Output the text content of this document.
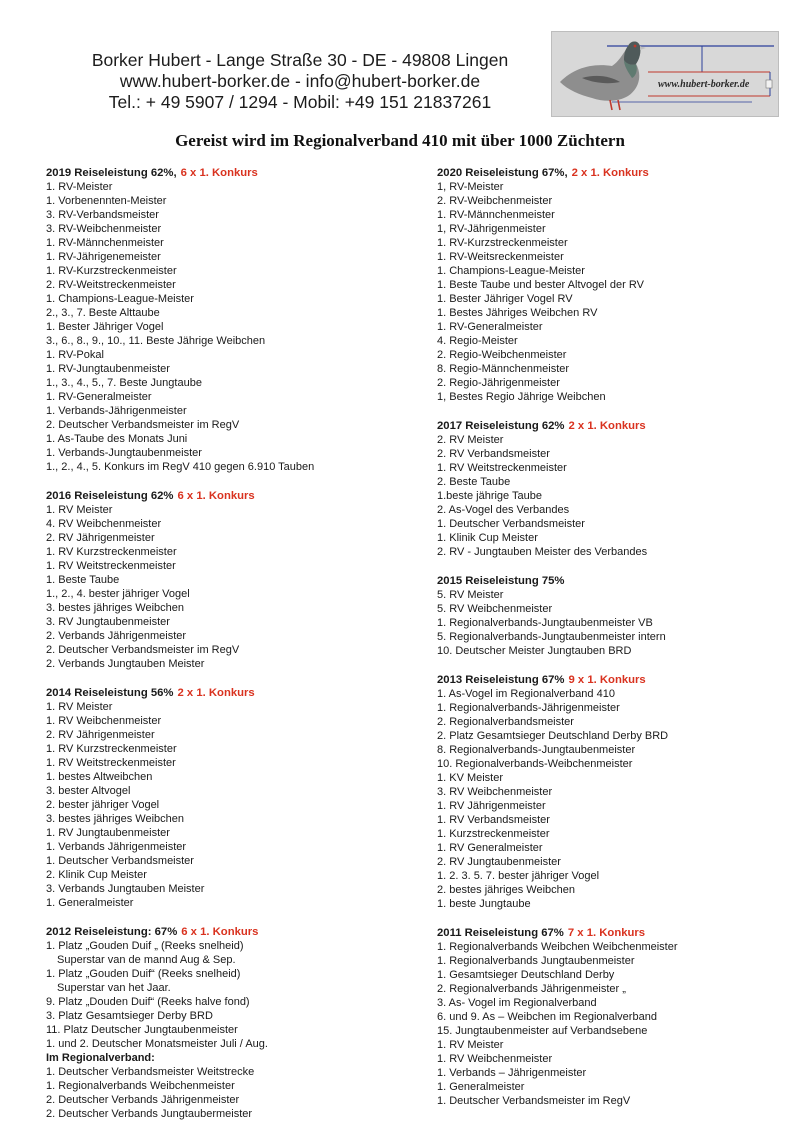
Borker Hubert - Lange Straße 30 - DE - 49808 Lingen
www.hubert-borker.de - info@hubert-borker.de
Tel.: + 49 5907 / 1294 - Mobil: +49 151 21837261
www.hubert-borker.de
Gereist wird im Regionalverband 410 mit über 1000 Züchtern
2019 Reiseleistung 62%, 6 x 1. Konkurs
1. RV-Meister
1. Vorbenennten-Meister
3. RV-Verbandsmeister
3. RV-Weibchenmeister
1. RV-Männchenmeister
1. RV-Jährigenemeister
1. RV-Kurzstreckenmeister
2. RV-Weitstreckenmeister
1. Champions-League-Meister
2., 3., 7. Beste Alttaube
1. Bester Jähriger Vogel
3., 6., 8., 9., 10., 11. Beste Jährige Weibchen
1. RV-Pokal
1. RV-Jungtaubenmeister
1., 3., 4., 5., 7. Beste Jungtaube
1. RV-Generalmeister
1. Verbands-Jährigenmeister
2. Deutscher Verbandsmeister im RegV
1. As-Taube des Monats Juni
1. Verbands-Jungtaubenmeister
1., 2., 4., 5. Konkurs im RegV 410 gegen 6.910 Tauben
2016 Reiseleistung 62% 6 x 1. Konkurs
1. RV Meister
4. RV Weibchenmeister
2. RV Jährigenmeister
1. RV Kurzstreckenmeister
1. RV Weitstreckenmeister
1. Beste Taube
1., 2., 4. bester jähriger Vogel
3. bestes jähriges Weibchen
3. RV Jungtaubenmeister
2. Verbands Jährigenmeister
2. Deutscher Verbandsmeister im RegV
2. Verbands Jungtauben Meister
2014 Reiseleistung 56% 2 x 1. Konkurs
1. RV Meister
1. RV Weibchenmeister
2. RV Jährigenmeister
1. RV Kurzstreckenmeister
1. RV Weitstreckenmeister
1. bestes Altweibchen
3. bester Altvogel
2. bester jähriger Vogel
3. bestes jähriges Weibchen
1. RV Jungtaubenmeister
1. Verbands Jährigenmeister
1. Deutscher Verbandsmeister
2. Klinik Cup Meister
3. Verbands Jungtauben Meister
1. Generalmeister
2012 Reiseleistung: 67% 6 x 1. Konkurs
1. Platz „Gouden Duif „ (Reeks snelheid)
Superstar van de mannd Aug & Sep.
1. Platz „Gouden Duif“ (Reeks snelheid)
Superstar van het Jaar.
9. Platz „Douden Duif“ (Reeks halve fond)
3. Platz Gesamtsieger Derby BRD
11. Platz Deutscher Jungtaubenmeister
1. und 2. Deutscher Monatsmeister Juli / Aug.
Im Regionalverband:
1. Deutscher Verbandsmeister Weitstrecke
1. Regionalverbands Weibchenmeister
2. Deutscher Verbands Jährigenmeister
2. Deutscher Verbands Jungtaubermeister
2020 Reiseleistung 67%, 2 x 1. Konkurs
1, RV-Meister
2. RV-Weibchenmeister
1. RV-Männchenmeister
1, RV-Jährigenmeister
1. RV-Kurzstreckenmeister
1. RV-Weitsreckenmeister
1. Champions-League-Meister
1. Beste Taube und bester Altvogel der RV
1. Bester Jähriger Vogel RV
1. Bestes Jähriges Weibchen RV
1. RV-Generalmeister
4. Regio-Meister
2. Regio-Weibchenmeister
8. Regio-Männchenmeister
2. Regio-Jährigenmeister
1, Bestes Regio Jährige Weibchen
2017 Reiseleistung 62% 2 x 1. Konkurs
2. RV Meister
2. RV Verbandsmeister
1. RV Weitstreckenmeister
2. Beste Taube
1.beste jährige Taube
2. As-Vogel des Verbandes
1. Deutscher Verbandsmeister
1. Klinik Cup Meister
2. RV - Jungtauben Meister des Verbandes
2015 Reiseleistung 75%
5. RV Meister
5. RV Weibchenmeister
1. Regionalverbands-Jungtaubenmeister VB
5. Regionalverbands-Jungtaubenmeister intern
10. Deutscher Meister Jungtauben BRD
2013 Reiseleistung 67% 9 x 1. Konkurs
1. As-Vogel im Regionalverband 410
1. Regionalverbands-Jährigenmeister
2. Regionalverbandsmeister
2. Platz Gesamtsieger Deutschland Derby BRD
8. Regionalverbands-Jungtaubenmeister
10. Regionalverbands-Weibchenmeister
1. KV Meister
3. RV Weibchenmeister
1. RV Jährigenmeister
1. RV Verbandsmeister
1. Kurzstreckenmeister
1. RV Generalmeister
2. RV Jungtaubenmeister
1. 2. 3. 5. 7. bester jähriger Vogel
2. bestes jähriges Weibchen
1. beste Jungtaube
2011 Reiseleistung 67% 7 x 1. Konkurs
1. Regionalverbands Weibchen Weibchenmeister
1. Regionalverbands Jungtaubenmeister
1. Gesamtsieger Deutschland Derby
2. Regionalverbands Jährigenmeister „
3. As- Vogel im Regionalverband
6. und 9. As – Weibchen im Regionalverband
15. Jungtaubenmeister auf Verbandsebene
1. RV Meister
1. RV Weibchenmeister
1. Verbands – Jährigenmeister
1. Generalmeister
1. Deutscher Verbandsmeister im RegV
